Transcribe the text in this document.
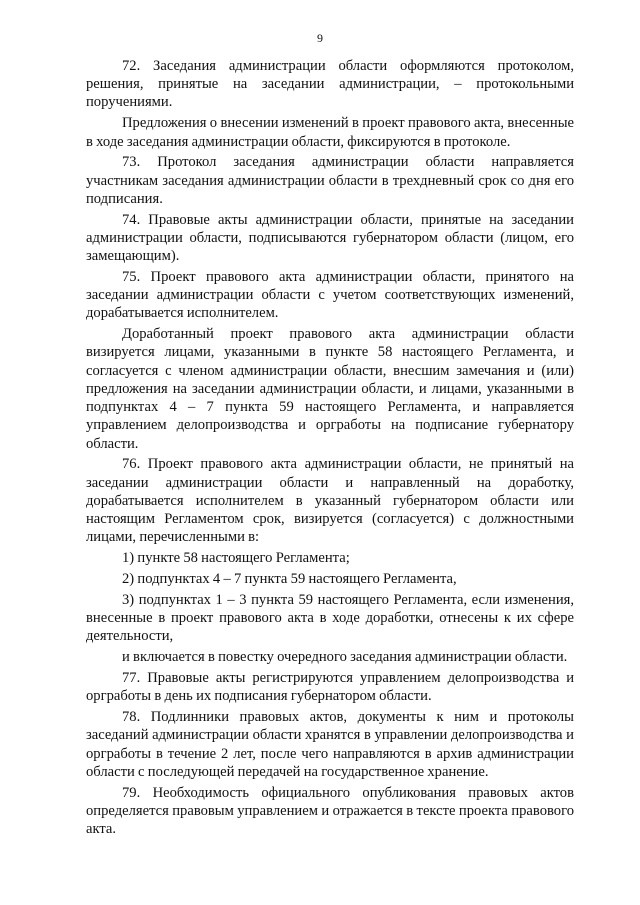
9

72. Заседания администрации области оформляются протоколом, решения, принятые на заседании администрации, – протокольными поручениями.

Предложения о внесении изменений в проект правового акта, внесенные в ходе заседания администрации области, фиксируются в протоколе.

73. Протокол заседания администрации области направляется участникам заседания администрации области в трехдневный срок со дня его подписания.

74. Правовые акты администрации области, принятые на заседании администрации области, подписываются губернатором области (лицом, его замещающим).

75. Проект правового акта администрации области, принятого на заседании администрации области с учетом соответствующих изменений, дорабатывается исполнителем.

Доработанный проект правового акта администрации области визируется лицами, указанными в пункте 58 настоящего Регламента, и согласуется с членом администрации области, внесшим замечания и (или) предложения на заседании администрации области, и лицами, указанными в подпунктах 4 – 7 пункта 59 настоящего Регламента, и направляется управлением делопроизводства и оргработы на подписание губернатору области.

76. Проект правового акта администрации области, не принятый на заседании администрации области и направленный на доработку, дорабатывается исполнителем в указанный губернатором области или настоящим Регламентом срок, визируется (согласуется) с должностными лицами, перечисленными в:

1) пункте 58 настоящего Регламента;

2) подпунктах 4 – 7 пункта 59 настоящего Регламента,

3) подпунктах 1 – 3 пункта 59 настоящего Регламента, если изменения, внесенные в проект правового акта в ходе доработки, отнесены к их сфере деятельности,

и включается в повестку очередного заседания администрации области.

77. Правовые акты регистрируются управлением делопроизводства и оргработы в день их подписания губернатором области.

78. Подлинники правовых актов, документы к ним и протоколы заседаний администрации области хранятся в управлении делопроизводства и оргработы в течение 2 лет, после чего направляются в архив администрации области с последующей передачей на государственное хранение.

79. Необходимость официального опубликования правовых актов определяется правовым управлением и отражается в тексте проекта правового акта.
